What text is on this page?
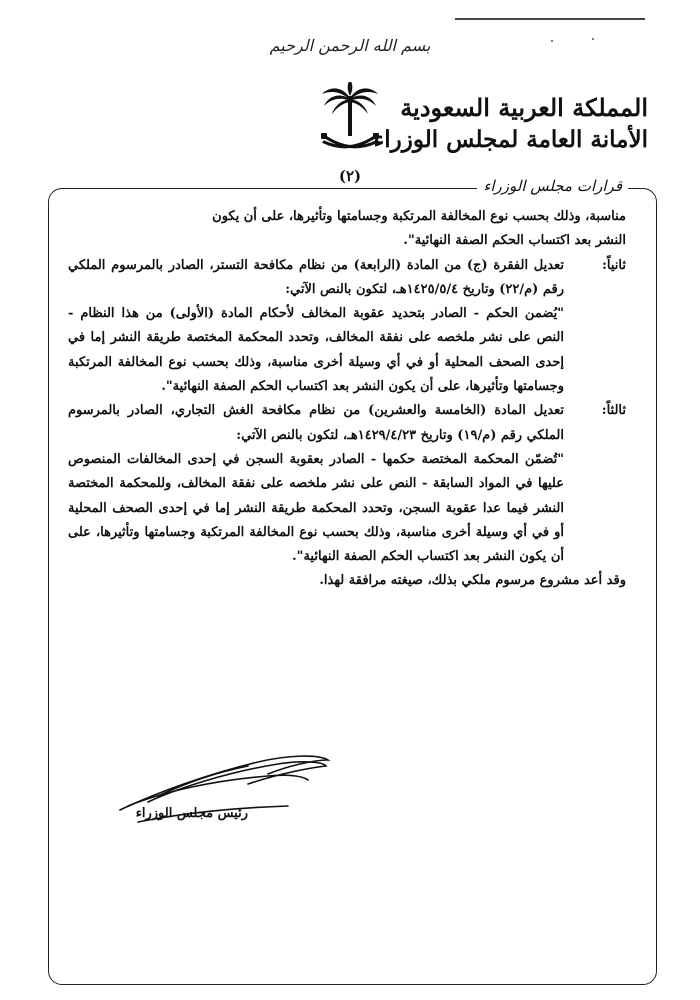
بسم الله الرحمن الرحيم
المملكة العربية السعودية
الأمانة العامة لمجلس الوزراء
(٢)
قرارات مجلس الوزراء

مناسبة، وذلك بحسب نوع المخالفة المرتكبة وجسامتها وتأثيرها، على أن يكون

النشر بعد اكتساب الحكم الصفة النهائية".

ثانياً:

تعديل الفقرة (ج) من المادة (الرابعة) من نظام مكافحة التستر، الصادر بالمرسوم الملكي رقم (م/٢٢) وتاريخ ١٤٢٥/٥/٤هـ، لتكون بالنص الآتي:

"يُضمن الحكم - الصادر بتحديد عقوبة المخالف لأحكام المادة (الأولى) من هذا النظام - النص على نشر ملخصه على نفقة المخالف، وتحدد المحكمة المختصة طريقة النشر إما في إحدى الصحف المحلية أو في أي وسيلة أخرى مناسبة، وذلك بحسب نوع المخالفة المرتكبة وجسامتها وتأثيرها، على أن يكون النشر بعد اكتساب الحكم الصفة النهائية".

ثالثاً:

تعديل المادة (الخامسة والعشرين) من نظام مكافحة الغش التجاري، الصادر بالمرسوم الملكي رقم (م/١٩) وتاريخ ١٤٢٩/٤/٢٣هـ، لتكون بالنص الآتي:

"تُضمّن المحكمة المختصة حكمها - الصادر بعقوبة السجن في إحدى المخالفات المنصوص عليها في المواد السابقة - النص على نشر ملخصه على نفقة المخالف، وللمحكمة المختصة النشر فيما عدا عقوبة السجن، وتحدد المحكمة طريقة النشر إما في إحدى الصحف المحلية أو في أي وسيلة أخرى مناسبة، وذلك بحسب نوع المخالفة المرتكبة وجسامتها وتأثيرها، على أن يكون النشر بعد اكتساب الحكم الصفة النهائية".

وقد أعد مشروع مرسوم ملكي بذلك، صيغته مرافقة لهذا.

رئيس مجلس الوزراء
